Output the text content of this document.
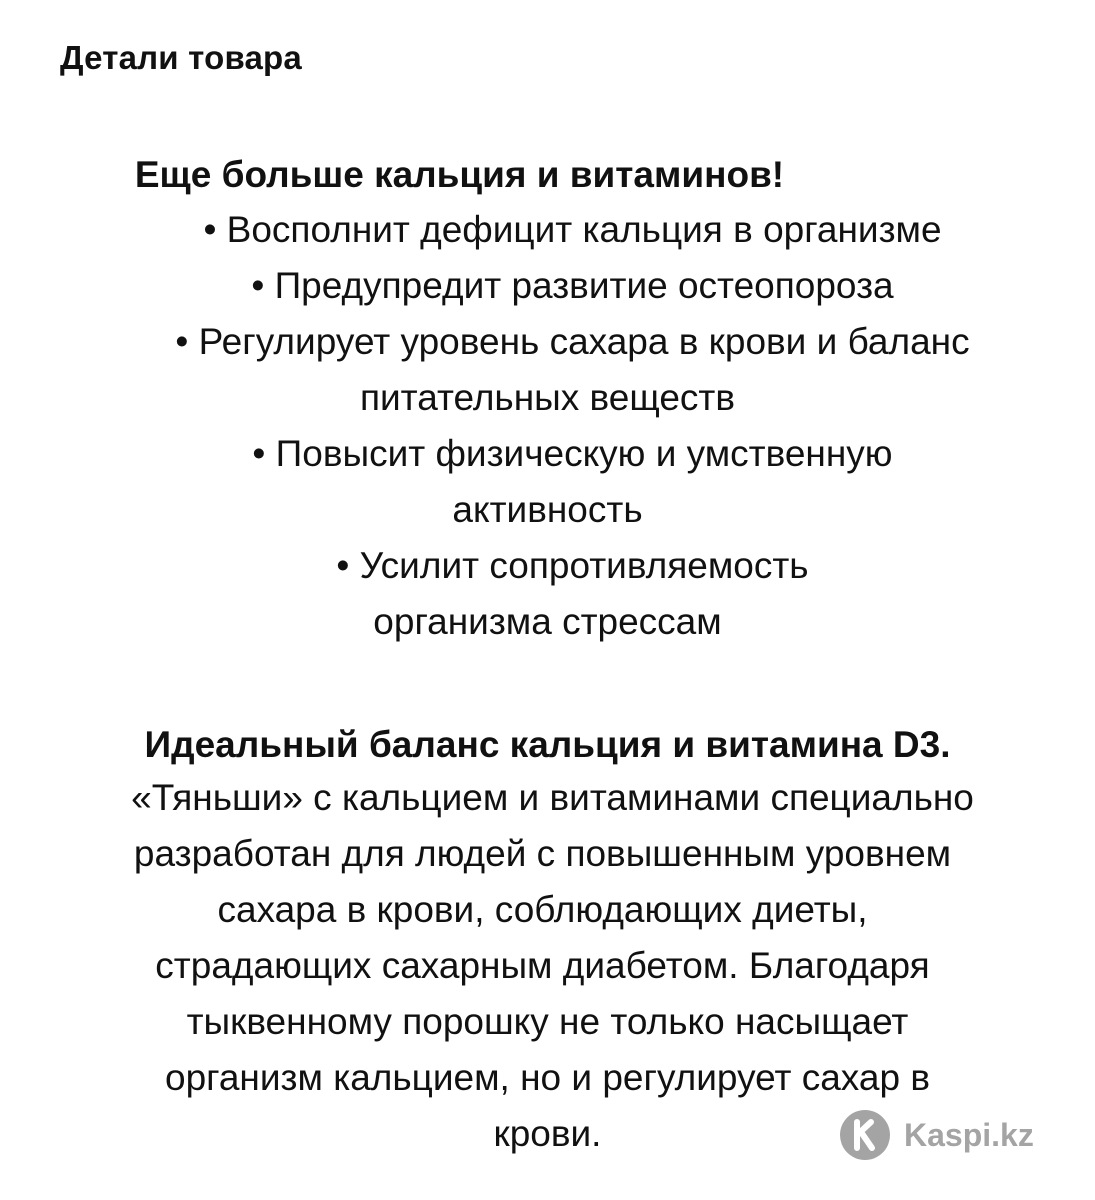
Детали товара
Еще больше кальция и витаминов!
• Восполнит дефицит кальция в организме
• Предупредит развитие остеопороза
• Регулирует уровень сахара в крови и баланс
питательных веществ
• Повысит физическую и умственную
активность
• Усилит сопротивляемость
организма стрессам
Идеальный баланс кальция и витамина D3.
«Тяньши» с кальцием и витаминами специально
разработан для людей с повышенным уровнем
сахара в крови, соблюдающих диеты,
страдающих сахарным диабетом. Благодаря
тыквенному порошку не только насыщает
организм кальцием, но и регулирует сахар в
крови.	Kaspi.kz
